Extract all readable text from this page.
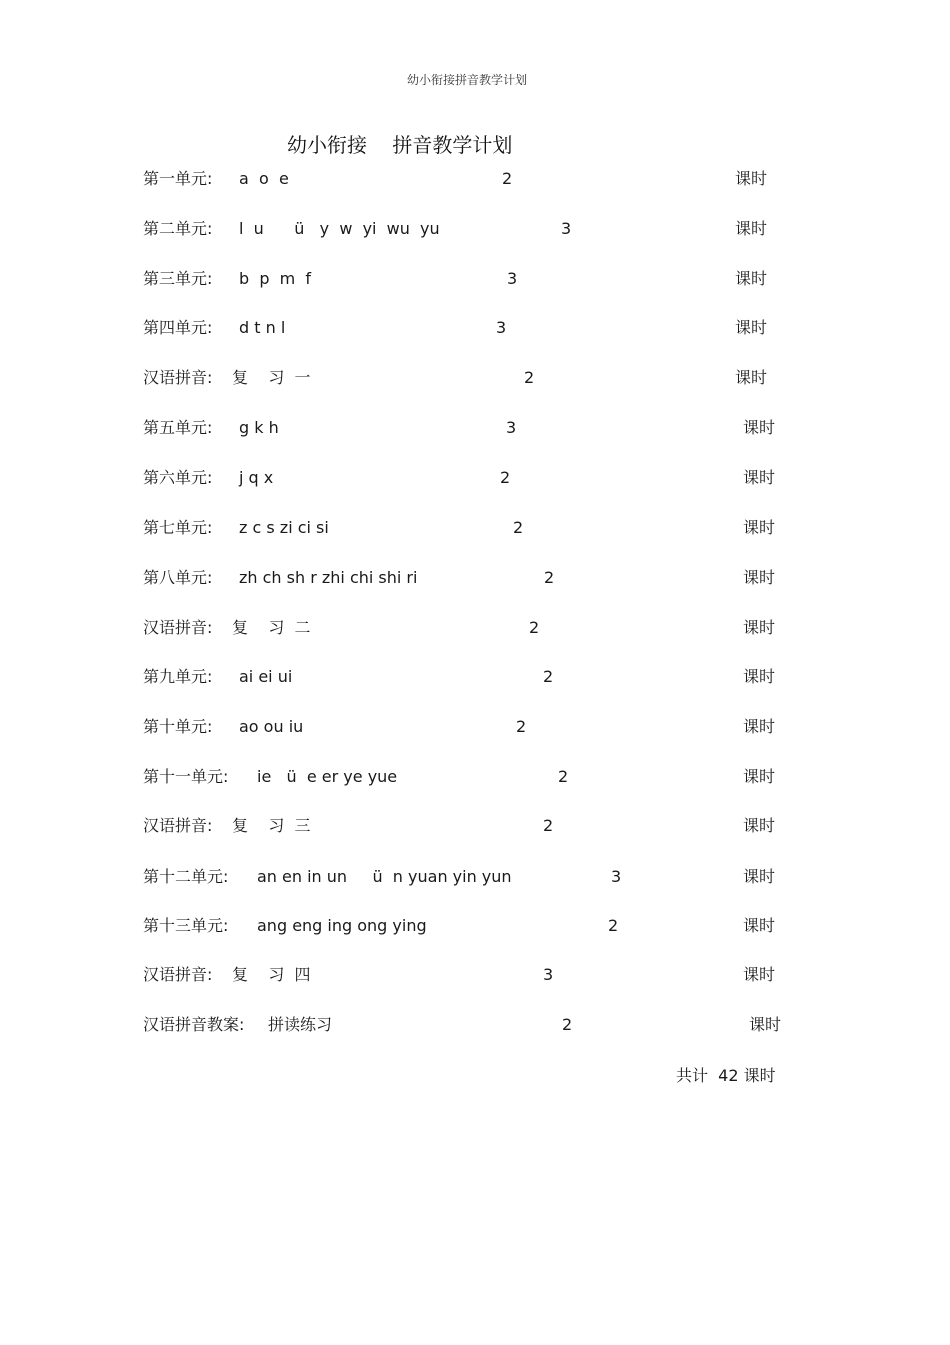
幼小衔接拼音教学计划
幼小衔接    拼音教学计划
第一单元: a  o  e	2	课时
第二单元: l  u      ü   y  w  yi  wu  yu	3	课时
第三单元: b  p  m  f	3	课时
第四单元: d t n l	3	课时
汉语拼音: 复    习  一	2	课时
第五单元: g k h	3	课时
第六单元: j q x	2	课时
第七单元: z c s zi ci si	2	课时
第八单元: zh ch sh r zhi chi shi ri	2	课时
汉语拼音: 复    习  二	2	课时
第九单元: ai ei ui	2	课时
第十单元: ao ou iu	2	课时
第十一单元: ie   ü  e er ye yue	2	课时
汉语拼音: 复    习  三	2	课时
第十二单元: an en in un     ü  n yuan yin yun	3	课时
第十三单元: ang eng ing ong ying	2	课时
汉语拼音: 复    习  四	3	课时
汉语拼音教案: 拼读练习	2	课时
共计  42 课时
